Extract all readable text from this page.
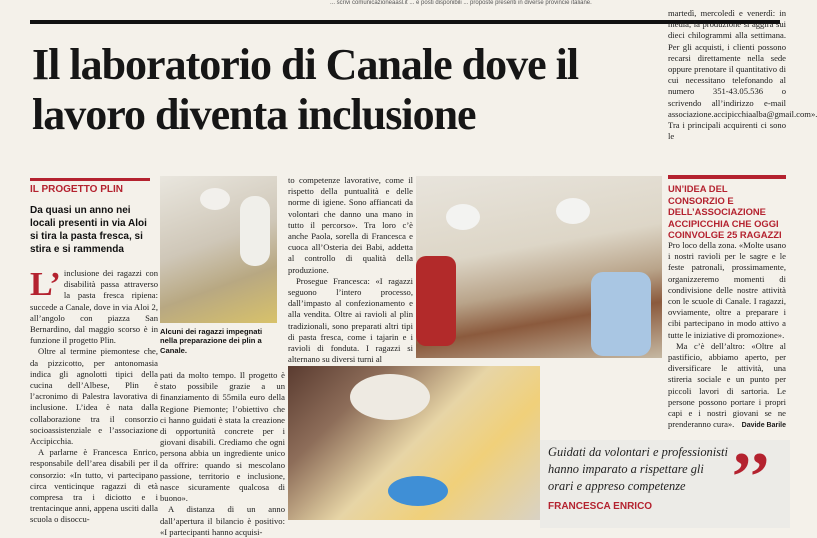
... scrivi comunicazioneaasl.it ... e posti disponibili ... proposte presenti in diverse provincie italiane.
Il laboratorio di Canale dove il lavoro diventa inclusione
IL PROGETTO PLIN

Da quasi un anno nei locali presenti in via Aloi si tira la pasta fresca, si stira e si rammenda

L’ inclusione dei ragazzi con disabilità passa attraverso la pasta fresca ripiena: succede a Canale, dove in via Aloi 2, all’angolo con piazza San Bernardino, dal maggio scorso è in funzione il progetto Plin.

Oltre al termine piemontese che, da pizzicotto, per antonomasia indica gli agnolotti tipici della cucina dell’Albese, Plin è l’acronimo di Palestra lavorativa di inclusione. L’idea è nata dalla collaborazione tra il consorzio socioassistenziale e l’associazione Accipicchia.

A parlarne è Francesca Enrico, responsabile dell’area disabili per il consorzio: «In tutto, vi partecipano circa venticinque ragazzi di età compresa tra i diciotto e i trentacinque anni, appena usciti dalla scuola o disoccu-

Alcuni dei ragazzi impegnati nella preparazione dei plin a Canale.

pati da molto tempo. Il progetto è stato possibile grazie a un finanziamento di 55mila euro della Regione Piemonte; l’obiettivo che ci hanno guidati è stata la creazione di opportunità concrete per i giovani disabili. Crediamo che ogni persona abbia un ingrediente unico da offrire: quando si mescolano passione, territorio e inclusione, nasce sicuramente qualcosa di buono».

A distanza di un anno dall’apertura il bilancio è positivo: «I partecipanti hanno acquisi-

to competenze lavorative, come il rispetto della puntualità e delle norme di igiene. Sono affiancati da volontari che danno una mano in tutto il percorso». Tra loro c’è anche Paola, sorella di Francesca e cuoca all’Osteria dei Babi, addetta al controllo di qualità della produzione.

Prosegue Francesca: «I ragazzi seguono l’intero processo, dall’impasto al confezionamento e alla vendita. Oltre ai ravioli al plin tradizionali, sono preparati altri tipi di pasta fresca, come i tajarin e i ravioli di fonduta. I ragazzi si alternano su diversi turni al

martedì, mercoledì e venerdì: in media, la produzione si aggira sui dieci chilogrammi alla settimana. Per gli acquisti, i clienti possono recarsi direttamente nella sede oppure prenotare il quantitativo di cui necessitano telefonando al numero 351-43.05.536 o scrivendo all’indirizzo e-mail associazione.accipicchiaalba@gmail.com». Tra i principali acquirenti ci sono le

UN’IDEA DEL CONSORZIO E DELL’ASSOCIAZIONE ACCIPICCHIA CHE OGGI COINVOLGE 25 RAGAZZI

Pro loco della zona. «Molte usano i nostri ravioli per le sagre e le feste patronali, prossimamente, organizzeremo momenti di condivisione delle nostre attività con le scuole di Canale. I ragazzi, ovviamente, oltre a preparare i cibi partecipano in modo attivo a tutte le iniziative di promozione».

Ma c’è dell’altro: «Oltre al pastificio, abbiamo aperto, per diversificare le attività, una stireria sociale e un punto per piccoli lavori di sartoria. Le persone possono portare i propri capi e i nostri giovani se ne prenderanno cura».	Davide Barile

Guidati da volontari e professionisti hanno imparato a rispettare gli orari e appreso competenze

FRANCESCA ENRICO ’’
